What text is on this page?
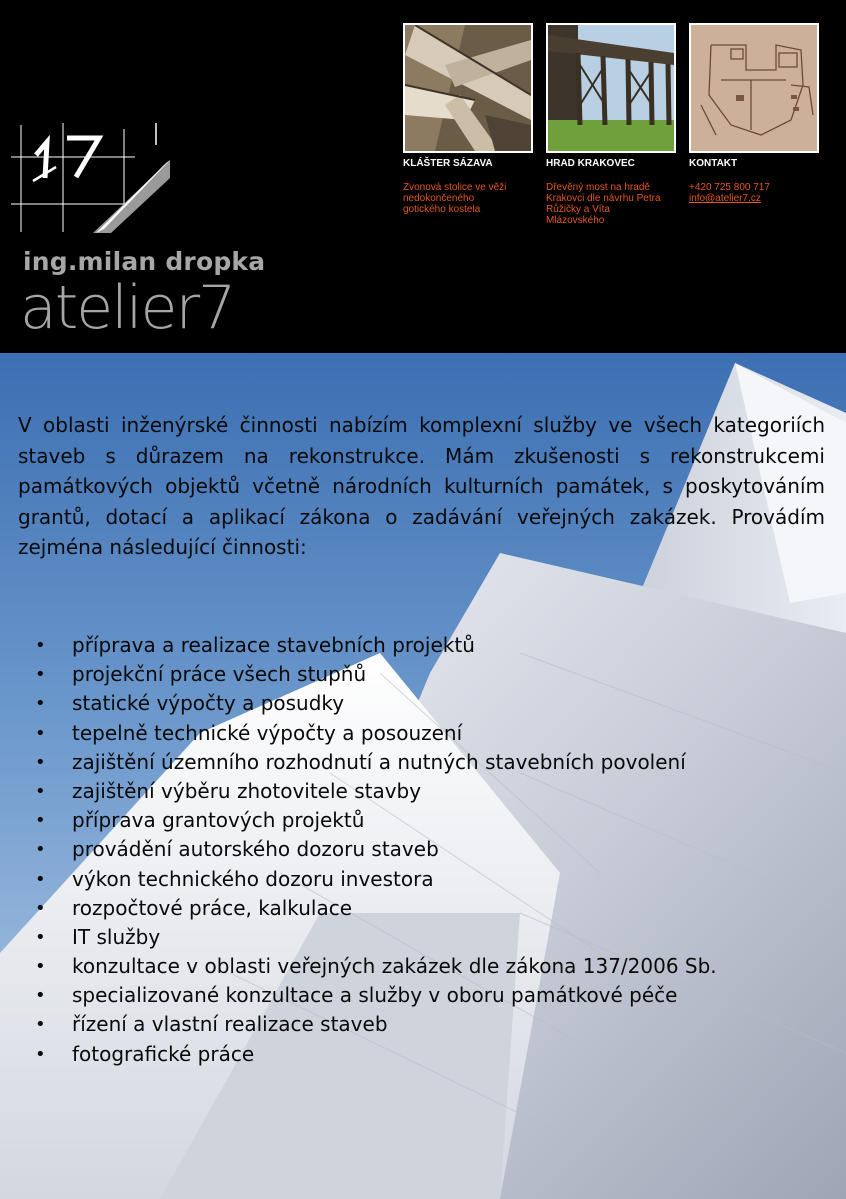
ing.milan dropka

atelier7

KLÁŠTER SÁZAVA
Zvonová stolice ve věži
nedokončeného
gotického kostela
HRAD KRAKOVEC
Dřevěný most na hradě
Krakovci dle návrhu Petra
Růžičky a Víta
Mlázovského
KONTAKT
+420 725 800 717
info@atelier7.cz

V oblasti inženýrské činnosti nabízím komplexní služby ve všech kategoriích staveb s důrazem na rekonstrukce. Mám zkušenosti s rekonstrukcemi památkových objektů včetně národních kulturních památek, s poskytováním grantů, dotací a aplikací zákona o zadávání veřejných zakázek. Provádím zejména následující činnosti:

• příprava a realizace stavebních projektů
• projekční práce všech stupňů
• statické výpočty a posudky
• tepelně technické výpočty a posouzení
• zajištění územního rozhodnutí a nutných stavebních povolení
• zajištění výběru zhotovitele stavby
• příprava grantových projektů
• provádění autorského dozoru staveb
• výkon technického dozoru investora
• rozpočtové práce, kalkulace
• IT služby
• konzultace v oblasti veřejných zakázek dle zákona 137/2006 Sb.
• specializované konzultace a služby v oboru památkové péče
• řízení a vlastní realizace staveb
• fotografické práce
